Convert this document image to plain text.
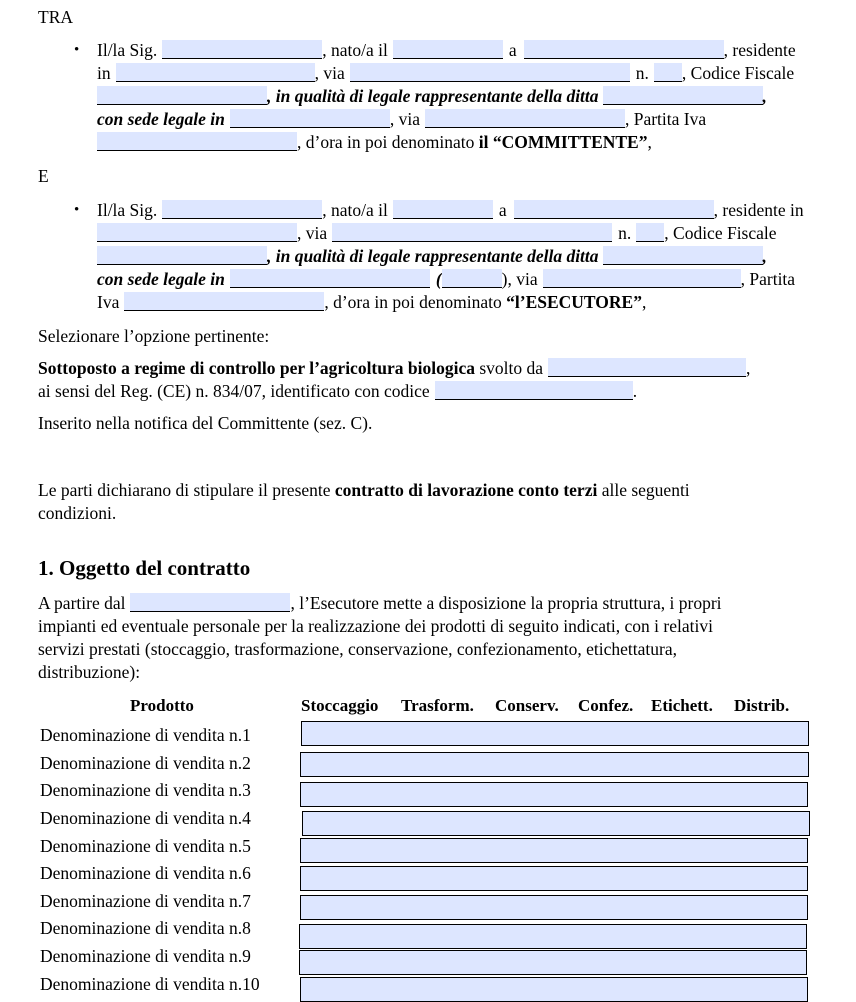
TRA
• Il/la Sig.	, nato/a il	a	, residente
in	, via	n. , Codice Fiscale
, in qualità di legale rappresentante della ditta	,
con sede legale in	, via	, Partita Iva
, d’ora in poi denominato il “COMMITTENTE”,
E
• Il/la Sig.	, nato/a il	a	, residente in
, via	n. , Codice Fiscale
, in qualità di legale rappresentante della ditta	,
con sede legale in	(	), via	, Partita
Iva	, d’ora in poi denominato “l’ESECUTORE”,
Selezionare l’opzione pertinente:
Sottoposto a regime di controllo per l’agricoltura biologica svolto da	,
ai sensi del Reg. (CE) n. 834/07, identificato con codice	.
Inserito nella notifica del Committente (sez. C).
Le parti dichiarano di stipulare il presente contratto di lavorazione conto terzi alle seguenti
condizioni.
1. Oggetto del contratto
A partire dal	, l’Esecutore mette a disposizione la propria struttura, i propri
impianti ed eventuale personale per la realizzazione dei prodotti di seguito indicati, con i relativi
servizi prestati (stoccaggio, trasformazione, conservazione, confezionamento, etichettatura,
distribuzione):
Prodotto	Stoccaggio Trasform. Conserv. Confez. Etichett. Distrib.
Denominazione di vendita n.1
Denominazione di vendita n.2
Denominazione di vendita n.3
Denominazione di vendita n.4
Denominazione di vendita n.5
Denominazione di vendita n.6
Denominazione di vendita n.7
Denominazione di vendita n.8
Denominazione di vendita n.9
Denominazione di vendita n.10
